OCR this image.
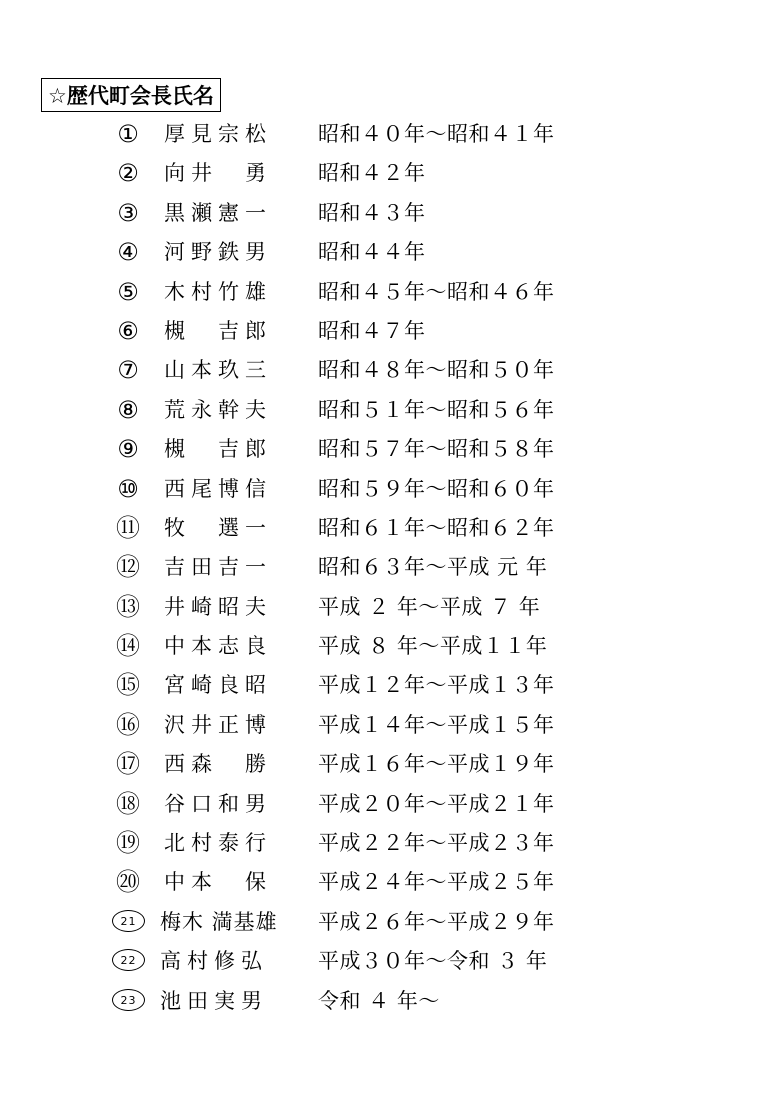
☆歴代町会長氏名
① 厚見宗松 昭和４０年～昭和４１年
② 向井　勇 昭和４２年
③ 黒瀬憲一 昭和４３年
④ 河野鉄男 昭和４４年
⑤ 木村竹雄 昭和４５年～昭和４６年
⑥ 槻　吉郎 昭和４７年
⑦ 山本玖三 昭和４８年～昭和５０年
⑧ 荒永幹夫 昭和５１年～昭和５６年
⑨ 槻　吉郎 昭和５７年～昭和５８年
⑩ 西尾博信 昭和５９年～昭和６０年
⑪ 牧　選一 昭和６１年～昭和６２年
⑫ 吉田吉一 昭和６３年～平成 元 年
⑬ 井崎昭夫 平成 ２ 年～平成 ７ 年
⑭ 中本志良 平成 ８ 年～平成１１年
⑮ 宮崎良昭 平成１２年～平成１３年
⑯ 沢井正博 平成１４年～平成１５年
⑰ 西森　勝 平成１６年～平成１９年
⑱ 谷口和男 平成２０年～平成２１年
⑲ 北村泰行 平成２２年～平成２３年
⑳ 中本　保 平成２４年～平成２５年
21	梅木 満基雄 平成２６年～平成２９年
22	高村修弘 平成３０年～令和 ３ 年
23	池田実男 令和 ４ 年～
